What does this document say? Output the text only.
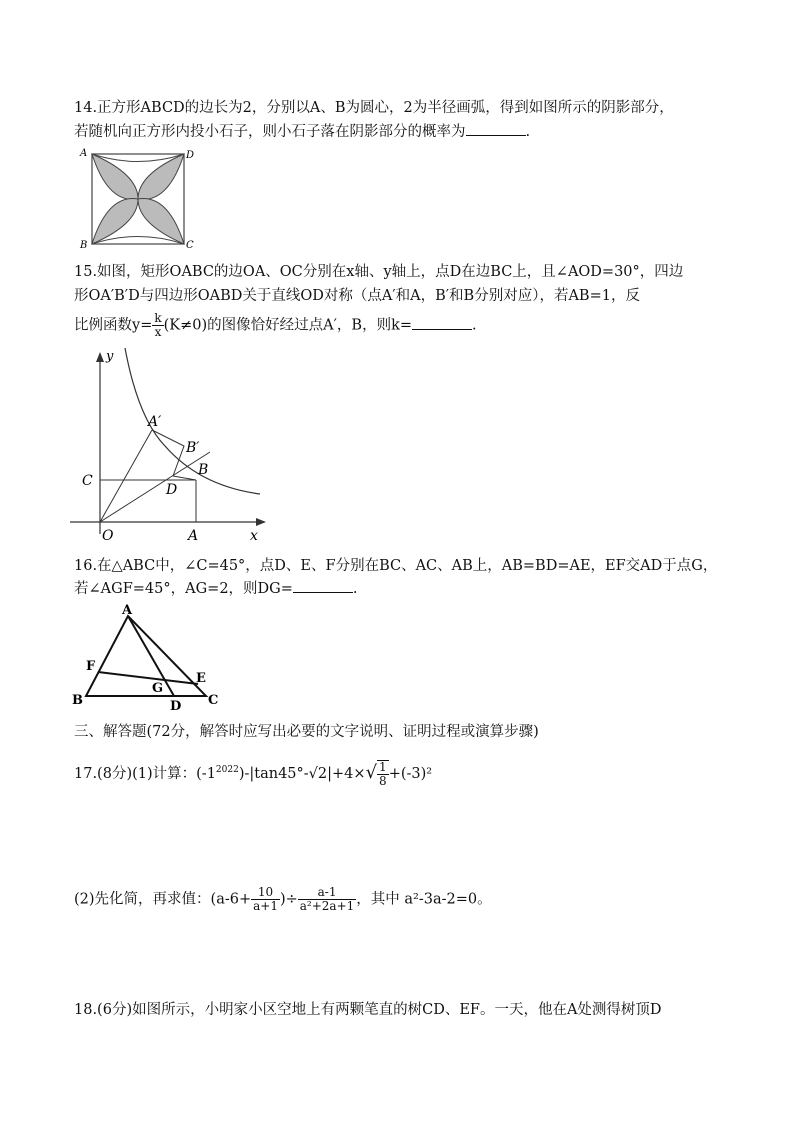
14.正方形ABCD的边长为2，分别以A、B为圆心，2为半径画弧，得到如图所示的阴影部分，
若随机向正方形内投小石子，则小石子落在阴影部分的概率为	.
A	D
B	C
15.如图，矩形OABC的边OA、OC分别在x轴、y轴上，点D在边BC上，且∠AOD=30°，四边
形OA′B′D与四边形OABD关于直线OD对称（点A′和A，B′和B分别对应），若AB=1，反
比例函数$y= \frac{k}{x} (K\ne 0)$的图像恰好经过点A′，B，则k=	.
y
x
O	A
C
D
B
A′
B′
16.在△ABC中，∠C=45°，点D、E、F分别在BC、AC、AB上，AB=BD=AE，EF交AD于点G，
若∠AGF=45°，AG=2，则DG=	.
A
B	C
D
E
F
G
三、解答题(72分，解答时应写出必要的文字说明、证明过程或演算步骤)
17.(8分)(1)计算：$(-1^{2022})-|\tan 45^\circ-√2|+4\times√ \frac{1}{8} +(-3)^2$
(2)先化简，再求值：($a-6+ \frac{10}{a+1}$ )÷ $\frac{a-1}{\text{a²+2a+1}}$ ，其中 a²-3a-2=0。
18.(6分)如图所示，小明家小区空地上有两颗笔直的树CD、EF。一天，他在A处测得树顶D
